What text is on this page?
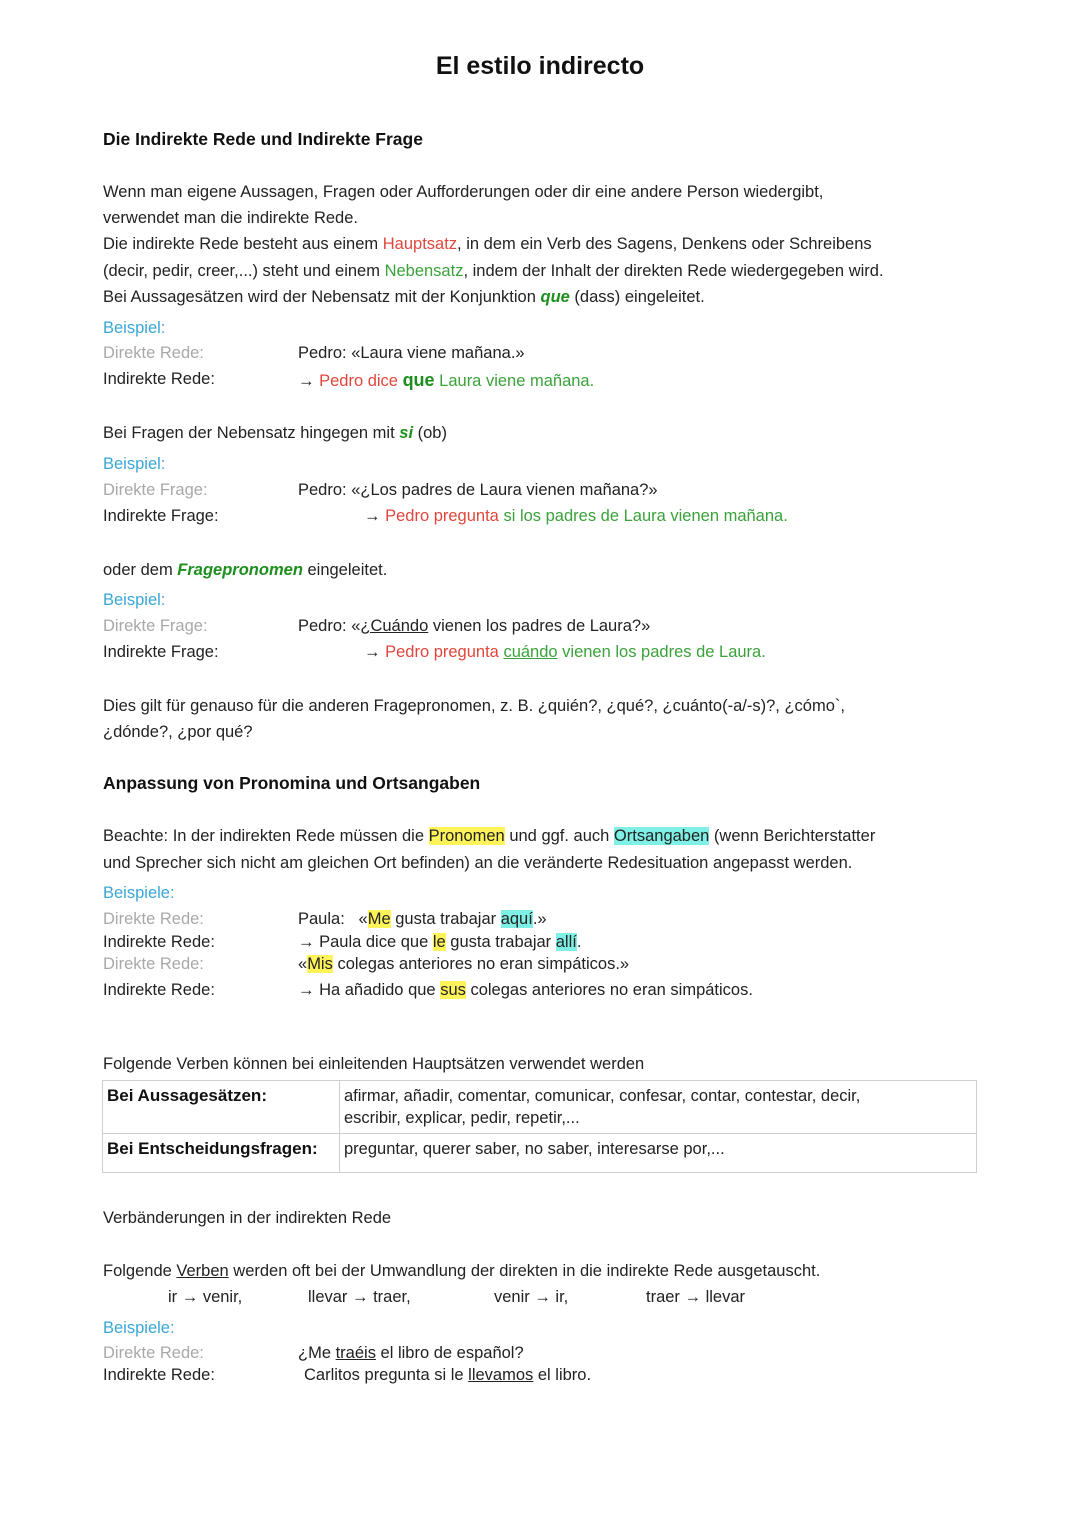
El estilo indirecto
Die Indirekte Rede und Indirekte Frage
Wenn man eigene Aussagen, Fragen oder Aufforderungen oder dir eine andere Person wiedergibt,
verwendet man die indirekte Rede.
Die indirekte Rede besteht aus einem Hauptsatz, in dem ein Verb des Sagens, Denkens oder Schreibens
(decir, pedir, creer,...) steht und einem Nebensatz, indem der Inhalt der direkten Rede wiedergegeben wird.
Bei Aussagesätzen wird der Nebensatz mit der Konjunktion que (dass) eingeleitet.
Beispiel:
Direkte Rede:	Pedro: «Laura viene mañana.»
Indirekte Rede:	→ Pedro dice que Laura viene mañana.
Bei Fragen der Nebensatz hingegen mit si (ob)
Beispiel:
Direkte Frage:	Pedro: «¿Los padres de Laura vienen mañana?»
Indirekte Frage:	→ Pedro pregunta si los padres de Laura vienen mañana.
oder dem Fragepronomen eingeleitet.
Beispiel:
Direkte Frage:	Pedro: «¿Cuándo vienen los padres de Laura?»
Indirekte Frage:	→ Pedro pregunta cuándo vienen los padres de Laura.
Dies gilt für genauso für die anderen Fragepronomen, z. B. ¿quién?, ¿qué?, ¿cuánto(-a/-s)?, ¿cómo`,
¿dónde?, ¿por qué?
Anpassung von Pronomina und Ortsangaben
Beachte: In der indirekten Rede müssen die Pronomen und ggf. auch Ortsangaben (wenn Berichterstatter
und Sprecher sich nicht am gleichen Ort befinden) an die veränderte Redesituation angepasst werden.
Beispiele:
Direkte Rede:	Paula:   «Me gusta trabajar aquí.»
Indirekte Rede:	→ Paula dice que le gusta trabajar allí.
Direkte Rede:	«Mis colegas anteriores no eran simpáticos.»
Indirekte Rede:	→ Ha añadido que sus colegas anteriores no eran simpáticos.
Folgende Verben können bei einleitenden Hauptsätzen verwendet werden
Bei Aussagesätzen:	afirmar, añadir, comentar, comunicar, confesar, contar, contestar, decir,
escribir, explicar, pedir, repetir,...

Bei Entscheidungsfragen:	preguntar, querer saber, no saber, interesarse por,...
Verbänderungen in der indirekten Rede
Folgende Verben werden oft bei der Umwandlung der direkten in die indirekte Rede ausgetauscht.
ir → venir,	llevar → traer,	venir → ir,	traer → llevar
Beispiele:
Direkte Rede:	¿Me traéis el libro de español?
Indirekte Rede:	Carlitos pregunta si le llevamos el libro.
